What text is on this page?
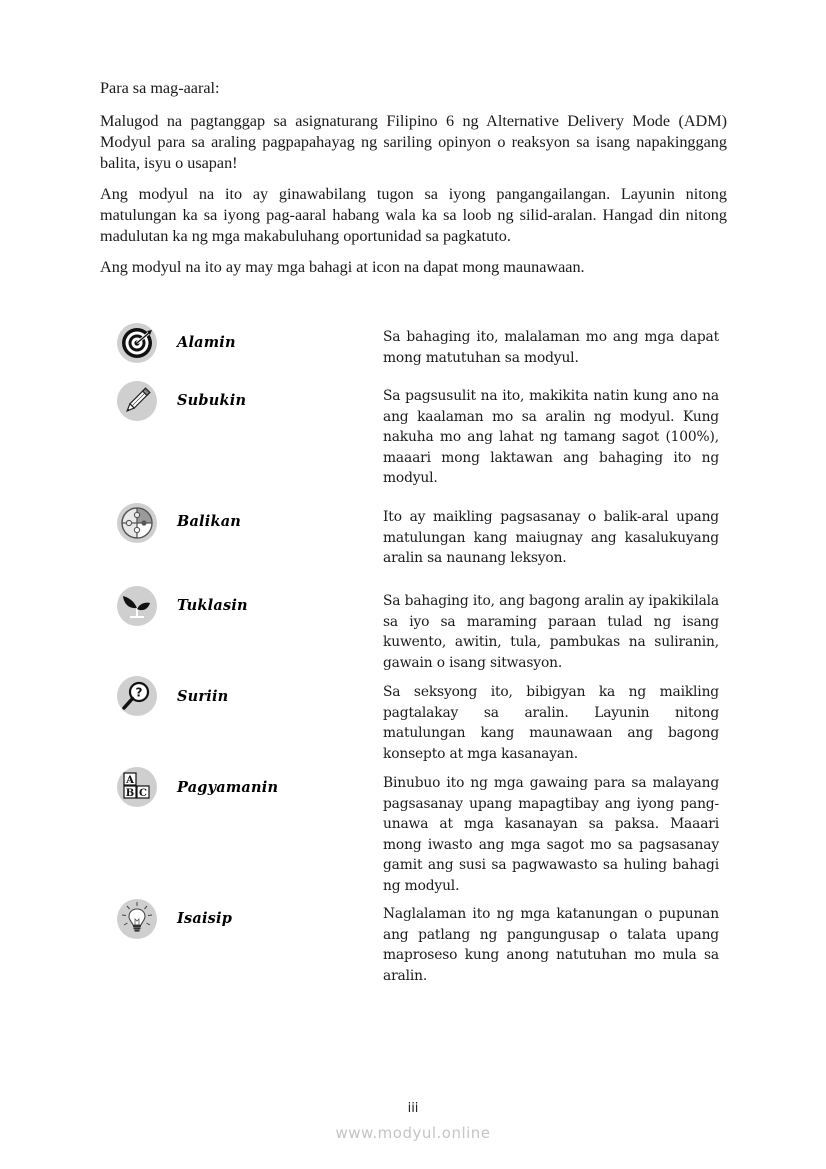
Para sa mag-aaral:

Malugod na pagtanggap sa asignaturang Filipino 6 ng Alternative Delivery Mode (ADM) Modyul para sa araling pagpapahayag ng sariling opinyon o reaksyon sa isang napakinggang balita, isyu o usapan!

Ang modyul na ito ay ginawabilang tugon sa iyong pangangailangan. Layunin nitong matulungan ka sa iyong pag-aaral habang wala ka sa loob ng silid-aralan. Hangad din nitong madulutan ka ng mga makabuluhang oportunidad sa pagkatuto.

Ang modyul na ito ay may mga bahagi at icon na dapat mong maunawaan.

Alamin	Sa bahaging ito, malalaman mo ang mga dapat mong matutuhan sa modyul.
Subukin	Sa pagsusulit na ito, makikita natin kung ano na ang kaalaman mo sa aralin ng modyul. Kung nakuha mo ang lahat ng tamang sagot (100%), maaari mong laktawan ang bahaging ito ng modyul.
Balikan	Ito ay maikling pagsasanay o balik-aral upang matulungan kang maiugnay ang kasalukuyang aralin sa naunang leksyon.
Tuklasin	Sa bahaging ito, ang bagong aralin ay ipakikilala sa iyo sa maraming paraan tulad ng isang kuwento, awitin, tula, pambukas na suliranin, gawain o isang sitwasyon.
? Suriin	Sa seksyong ito, bibigyan ka ng maikling pagtalakay sa aralin. Layunin nitong matulungan kang maunawaan ang bagong konsepto at mga kasanayan.
A
B C Pagyamanin	Binubuo ito ng mga gawaing para sa malayang pagsasanay upang mapagtibay ang iyong pang-unawa at mga kasanayan sa paksa. Maaari mong iwasto ang mga sagot mo sa pagsasanay gamit ang susi sa pagwawasto sa huling bahagi ng modyul.
Isaisip	Naglalaman ito ng mga katanungan o pupunan ang patlang ng pangungusap o talata upang maproseso kung anong natutuhan mo mula sa aralin.
iii
www.modyul.online
